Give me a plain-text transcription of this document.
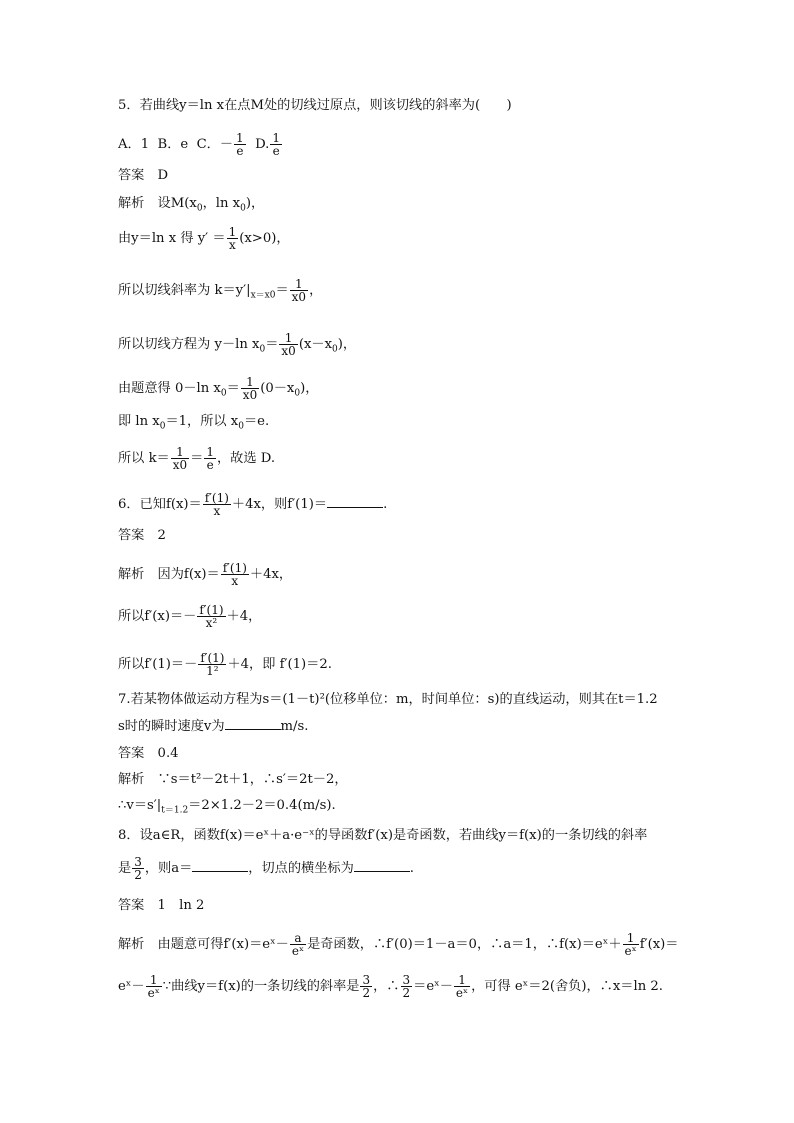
5．若曲线y＝ln x在点M处的切线过原点，则该切线的斜率为(　　)
A．1 B．e C．－ $\frac{1}{e} D$. $\frac{1}{e}$
答案　D
解析　设$M(x_0$，$\ln x_0$)，
由y＝ln x 得 $y' = \frac{1}{x} (x>0)$，
所以切线斜率为 $k=y'|_{x=x0}= \frac{1}{x0}$ ，
所以切线方程为 y－ln $x_0= \frac{1}{x0} (x-x_0)$，
由题意得 0－ln $x_0= \frac{1}{x0} (0-x_0)$，
即 $\ln x_0=1$，所以 $x_0=e$.
所以 $k= \frac{1}{x0} = \frac{1}{e}$ ，故选 D.
6．已知$f(x)= \frac{f'(1)}{x} +4x$，则f′(1)＝	.
答案　2
解析　因为$f(x)= \frac{f'(1)}{x} +4x$，
所以$f'(x)=- \frac{f'(1)}{\text{x²}} +4$，
所以$f'(1)=- \frac{f'(1)}{\text{1²}} +4$，即 f′(1)＝2.
7.若某物体做运动方程为s＝(1－t)²(位移单位：m，时间单位：s)的直线运动，则其在t＝1.2
s时的瞬时速度v为	m/s.
答案　0.4
解析　∵s＝t²－2t＋1，∴s′＝2t－2，
$\therefore v=s'|_{t=1.2}=2\times 1.2-2=0.4(m/s)$.
8．设a∈R，函数f(x)＝eˣ＋a·e⁻ˣ的导函数f′(x)是奇函数，若曲线y＝f(x)的一条切线的斜率
是 $\frac{3}{2}$ ，则a＝	，切点的横坐标为	.
答案　1　ln 2
解析　由题意可得f′(x)＝eˣ－ $\frac{a}{\text{eˣ}}$ 是奇函数，∴f′(0)＝1－a＝0，∴a＝1，∴f(x)＝eˣ＋ $\frac{1}{\text{eˣ}} f'(x)=$
eˣ－ $\frac{1}{\text{eˣ}}$ ∵曲线y＝f(x)的一条切线的斜率是 $\frac{3}{2}$ ，∴ $\frac{3}{2}$ ＝eˣ－ $\frac{1}{\text{eˣ}}$ ，可得 eˣ＝2(舍负)，∴x＝ln 2.
